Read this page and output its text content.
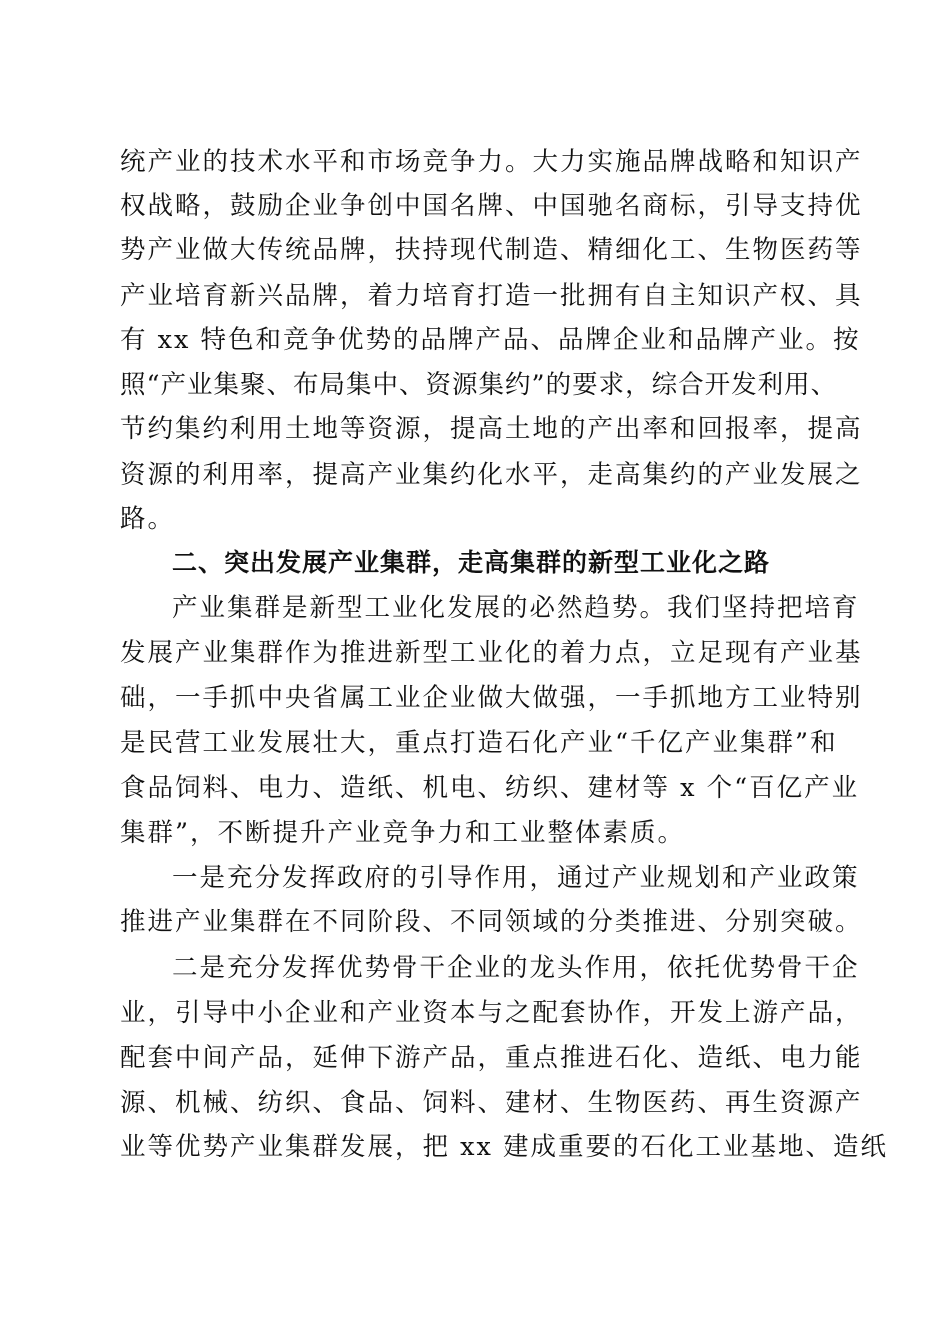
统产业的技术水平和市场竞争力。大力实施品牌战略和知识产
权战略，鼓励企业争创中国名牌、中国驰名商标，引导支持优
势产业做大传统品牌，扶持现代制造、精细化工、生物医药等
产业培育新兴品牌，着力培育打造一批拥有自主知识产权、具
有 xx 特色和竞争优势的品牌产品、品牌企业和品牌产业。按
照“产业集聚、布局集中、资源集约”的要求，综合开发利用、
节约集约利用土地等资源，提高土地的产出率和回报率，提高
资源的利用率，提高产业集约化水平，走高集约的产业发展之
路。
二、突出发展产业集群，走高集群的新型工业化之路
产业集群是新型工业化发展的必然趋势。我们坚持把培育
发展产业集群作为推进新型工业化的着力点，立足现有产业基
础，一手抓中央省属工业企业做大做强，一手抓地方工业特别
是民营工业发展壮大，重点打造石化产业“千亿产业集群”和
食品饲料、电力、造纸、机电、纺织、建材等 x 个“百亿产业
集群”，不断提升产业竞争力和工业整体素质。
一是充分发挥政府的引导作用，通过产业规划和产业政策
推进产业集群在不同阶段、不同领域的分类推进、分别突破。
二是充分发挥优势骨干企业的龙头作用，依托优势骨干企
业，引导中小企业和产业资本与之配套协作，开发上游产品，
配套中间产品，延伸下游产品，重点推进石化、造纸、电力能
源、机械、纺织、食品、饲料、建材、生物医药、再生资源产
业等优势产业集群发展，把 xx 建成重要的石化工业基地、造纸
